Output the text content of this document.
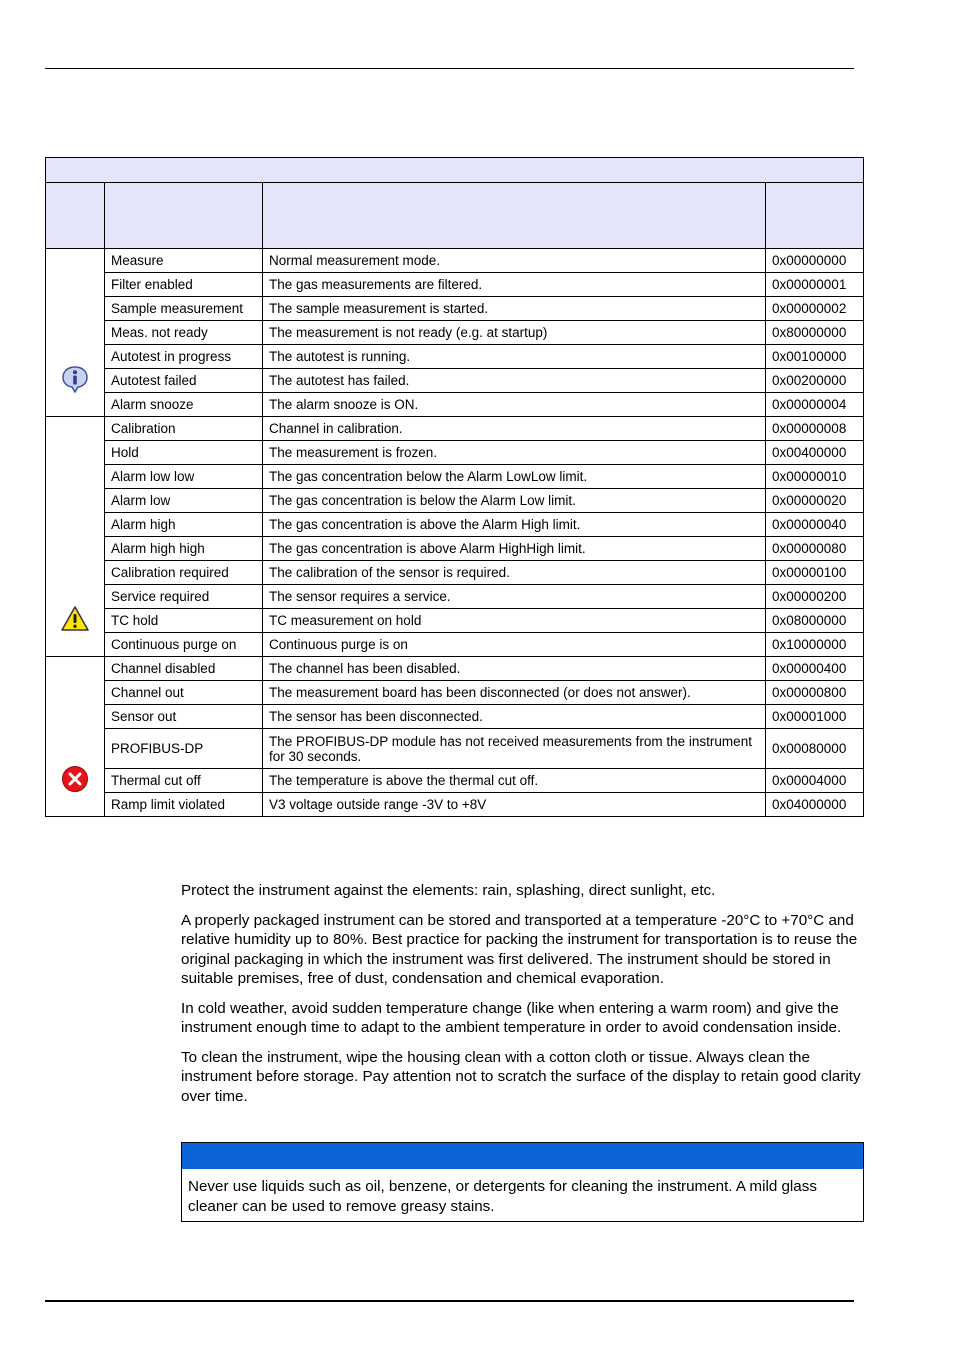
	Measure	Normal measurement mode.	0x00000000
	Filter enabled	The gas measurements are filtered.	0x00000001
	Sample measurement	The sample measurement is started.	0x00000002
	Meas. not ready	The measurement is not ready (e.g. at startup)	0x80000000
	Autotest in progress	The autotest is running.	0x00100000
	Autotest failed	The autotest has failed.	0x00200000
	Alarm snooze	The alarm snooze is ON.	0x00000004
	Calibration	Channel in calibration.	0x00000008
	Hold	The measurement is frozen.	0x00400000
	Alarm low low	The gas concentration below the Alarm LowLow limit.	0x00000010
	Alarm low	The gas concentration is below the Alarm Low limit.	0x00000020
	Alarm high	The gas concentration is above the Alarm High limit.	0x00000040
	Alarm high high	The gas concentration is above Alarm HighHigh limit.	0x00000080
	Calibration required	The calibration of the sensor is required.	0x00000100
	Service required	The sensor requires a service.	0x00000200
	TC hold	TC measurement on hold	0x08000000
	Continuous purge on	Continuous purge is on	0x10000000
	Channel disabled	The channel has been disabled.	0x00000400
	Channel out	The measurement board has been disconnected (or does not answer).	0x00000800
	Sensor out	The sensor has been disconnected.	0x00001000
	PROFIBUS-DP	The PROFIBUS-DP module has not received measurements from the instrument for 30 seconds.	0x00080000
	Thermal cut off	The temperature is above the thermal cut off.	0x00004000
	Ramp limit violated	V3 voltage outside range -3V to +8V	0x04000000

Protect the instrument against the elements: rain, splashing, direct sunlight, etc.

A properly packaged instrument can be stored and transported at a temperature -20°C to +70°C and relative humidity up to 80%. Best practice for packing the instrument for transportation is to reuse the original packaging in which the instrument was first delivered. The instrument should be stored in suitable premises, free of dust, condensation and chemical evaporation.

In cold weather, avoid sudden temperature change (like when entering a warm room) and give the instrument enough time to adapt to the ambient temperature in order to avoid condensation inside.

To clean the instrument, wipe the housing clean with a cotton cloth or tissue. Always clean the instrument before storage. Pay attention not to scratch the surface of the display to retain good clarity over time.

Never use liquids such as oil, benzene, or detergents for cleaning the instrument. A mild glass cleaner can be used to remove greasy stains.
